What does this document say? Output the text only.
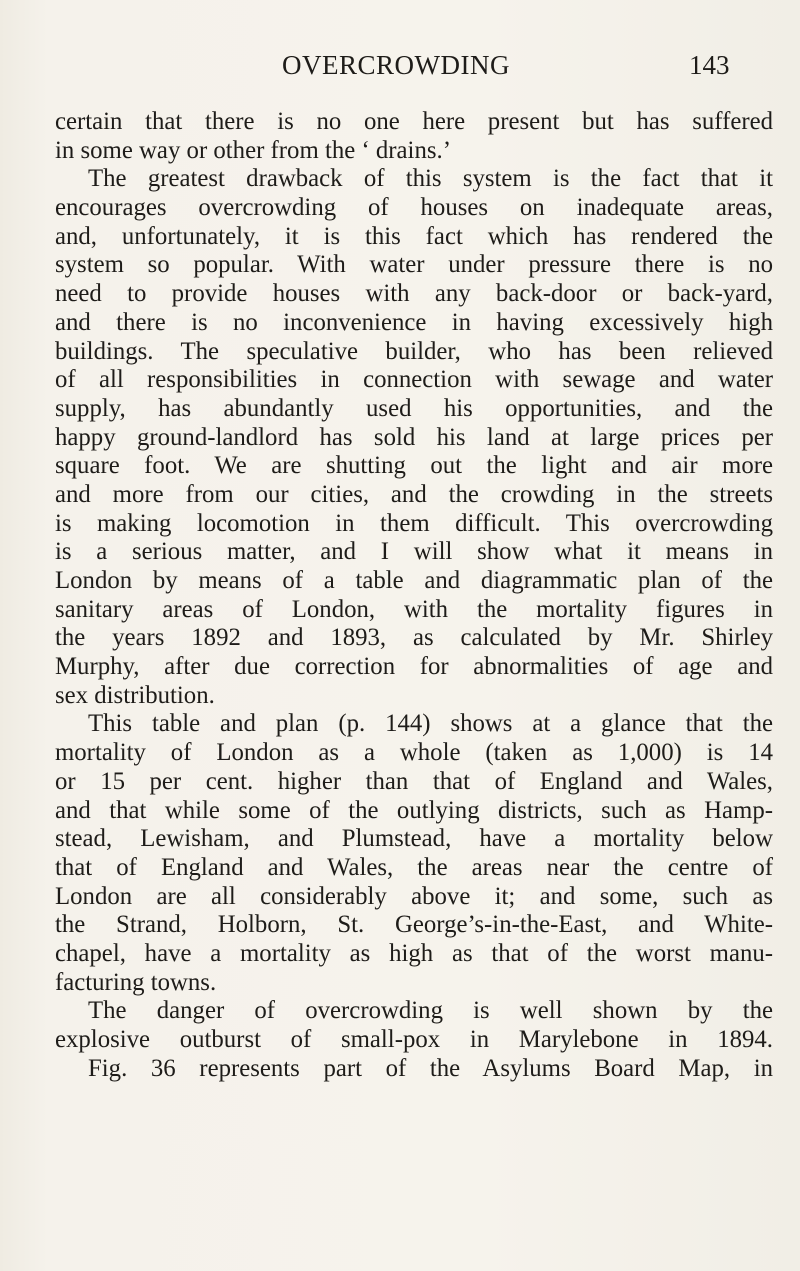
OVERCROWDING	143
certain that there is no one here present but has suffered
in some way or other from the ‘ drains.’
The greatest drawback of this system is the fact that it
encourages overcrowding of houses on inadequate areas,
and, unfortunately, it is this fact which has rendered the
system so popular. With water under pressure there is no
need to provide houses with any back-door or back-yard,
and there is no inconvenience in having excessively high
buildings. The speculative builder, who has been relieved
of all responsibilities in connection with sewage and water
supply, has abundantly used his opportunities, and the
happy ground-landlord has sold his land at large prices per
square foot. We are shutting out the light and air more
and more from our cities, and the crowding in the streets
is making locomotion in them difficult. This overcrowding
is a serious matter, and I will show what it means in
London by means of a table and diagrammatic plan of the
sanitary areas of London, with the mortality figures in
the years 1892 and 1893, as calculated by Mr. Shirley
Murphy, after due correction for abnormalities of age and
sex distribution.
This table and plan (p. 144) shows at a glance that the
mortality of London as a whole (taken as 1,000) is 14
or 15 per cent. higher than that of England and Wales,
and that while some of the outlying districts, such as Hamp-
stead, Lewisham, and Plumstead, have a mortality below
that of England and Wales, the areas near the centre of
London are all considerably above it; and some, such as
the Strand, Holborn, St. George’s-in-the-East, and White-
chapel, have a mortality as high as that of the worst manu-
facturing towns.
The danger of overcrowding is well shown by the
explosive outburst of small-pox in Marylebone in 1894.
Fig. 36 represents part of the Asylums Board Map, in
